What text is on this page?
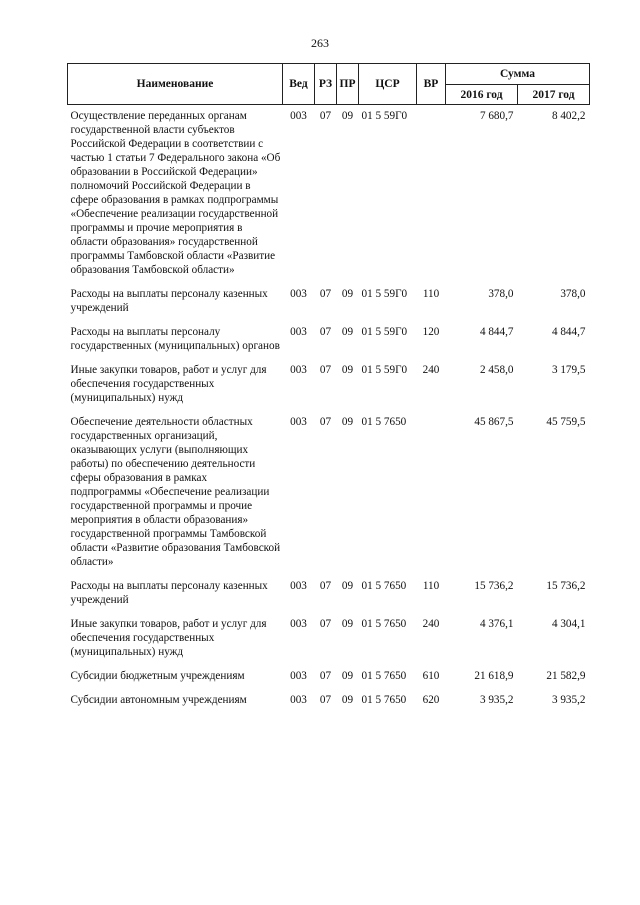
263
Наименование	Вед	РЗ	ПР	ЦСР	ВР	Сумма	
						2016 год	2017 год
Осуществление переданных органам государственной власти субъектов Российской Федерации в соответствии с частью 1 статьи 7 Федерального закона «Об образовании в Российской Федерации» полномочий Российской Федерации в сфере образования в рамках подпрограммы «Обеспечение реализации государственной программы и прочие мероприятия в области образования» государственной программы Тамбовской области «Развитие образования Тамбовской области»	003	07	09	01 5 59Г0		7 680,7	8 402,2
Расходы на выплаты персоналу казенных учреждений	003	07	09	01 5 59Г0	110	378,0	378,0
Расходы на выплаты персоналу государственных (муниципальных) органов	003	07	09	01 5 59Г0	120	4 844,7	4 844,7
Иные закупки товаров, работ и услуг для обеспечения государственных (муниципальных) нужд	003	07	09	01 5 59Г0	240	2 458,0	3 179,5
Обеспечение деятельности областных государственных организаций, оказывающих услуги (выполняющих работы) по обеспечению деятельности сферы образования в рамках подпрограммы «Обеспечение реализации государственной программы и прочие мероприятия в области образования» государственной программы Тамбовской области «Развитие образования Тамбовской области»	003	07	09	01 5 7650		45 867,5	45 759,5
Расходы на выплаты персоналу казенных учреждений	003	07	09	01 5 7650	110	15 736,2	15 736,2
Иные закупки товаров, работ и услуг для обеспечения государственных (муниципальных) нужд	003	07	09	01 5 7650	240	4 376,1	4 304,1
Субсидии бюджетным учреждениям	003	07	09	01 5 7650	610	21 618,9	21 582,9
Субсидии автономным учреждениям	003	07	09	01 5 7650	620	3 935,2	3 935,2
